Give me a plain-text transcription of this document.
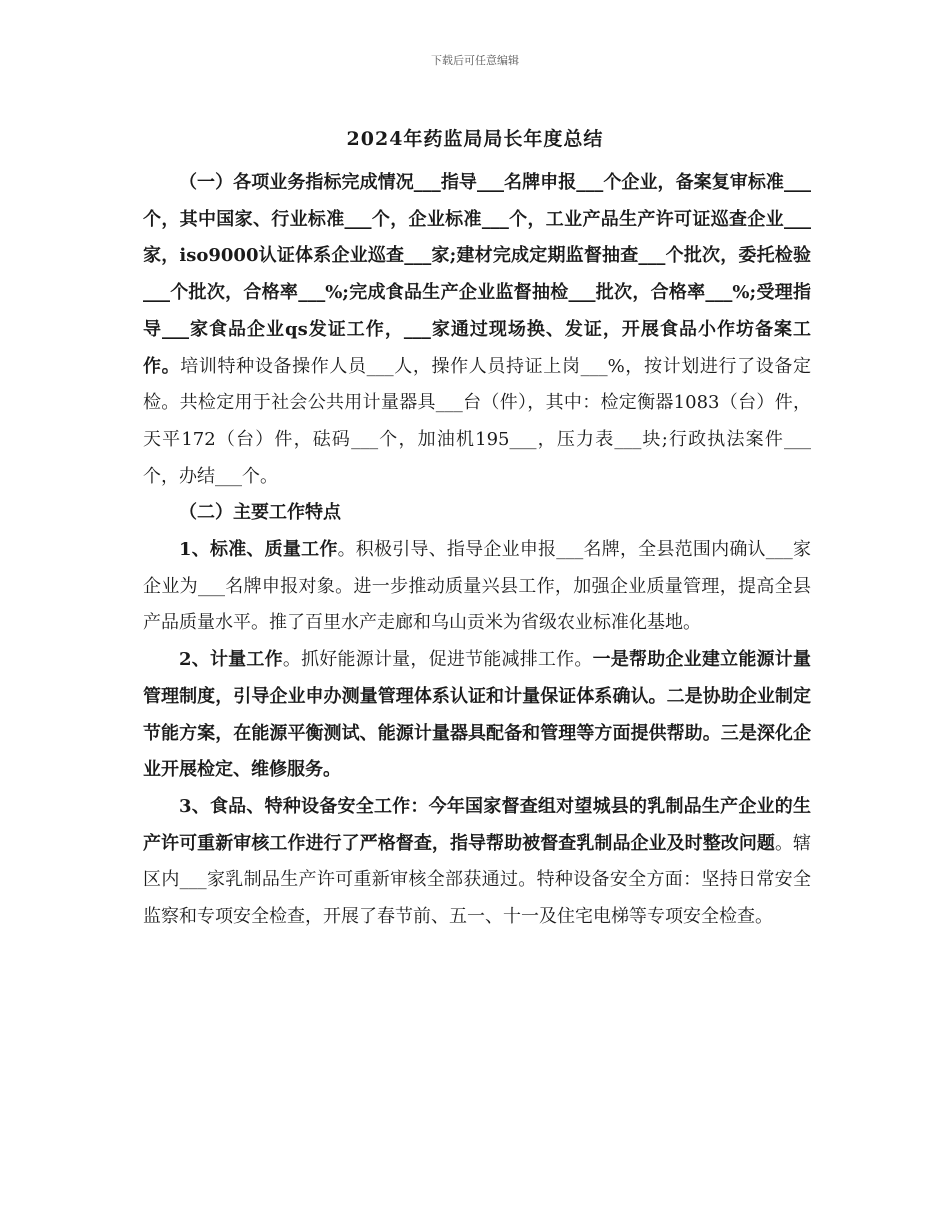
下载后可任意编辑
2024年药监局局长年度总结

（一）各项业务指标完成情况___指导___名牌申报___个企业，备案复审标准___个，其中国家、行业标准___个，企业标准___个，工业产品生产许可证巡查企业___家，iso9000认证体系企业巡查___家;建材完成定期监督抽查___个批次，委托检验___个批次，合格率___%;完成食品生产企业监督抽检___批次，合格率___%;受理指导___家食品企业qs发证工作，___家通过现场换、发证，开展食品小作坊备案工作。培训特种设备操作人员___人，操作人员持证上岗___%，按计划进行了设备定检。共检定用于社会公共用计量器具___台（件），其中：检定衡器1083（台）件，天平172（台）件，砝码___个，加油机195___，压力表___块;行政执法案件___个，办结___个。

（二）主要工作特点

1、标准、质量工作。积极引导、指导企业申报___名牌，全县范围内确认___家企业为___名牌申报对象。进一步推动质量兴县工作，加强企业质量管理，提高全县产品质量水平。推了百里水产走廊和乌山贡米为省级农业标准化基地。

2、计量工作。抓好能源计量，促进节能减排工作。一是帮助企业建立能源计量管理制度，引导企业申办测量管理体系认证和计量保证体系确认。二是协助企业制定节能方案，在能源平衡测试、能源计量器具配备和管理等方面提供帮助。三是深化企业开展检定、维修服务。

3、食品、特种设备安全工作：今年国家督查组对望城县的乳制品生产企业的生产许可重新审核工作进行了严格督查，指导帮助被督查乳制品企业及时整改问题。辖区内___家乳制品生产许可重新审核全部获通过。特种设备安全方面：坚持日常安全监察和专项安全检查，开展了春节前、五一、十一及住宅电梯等专项安全检查。
